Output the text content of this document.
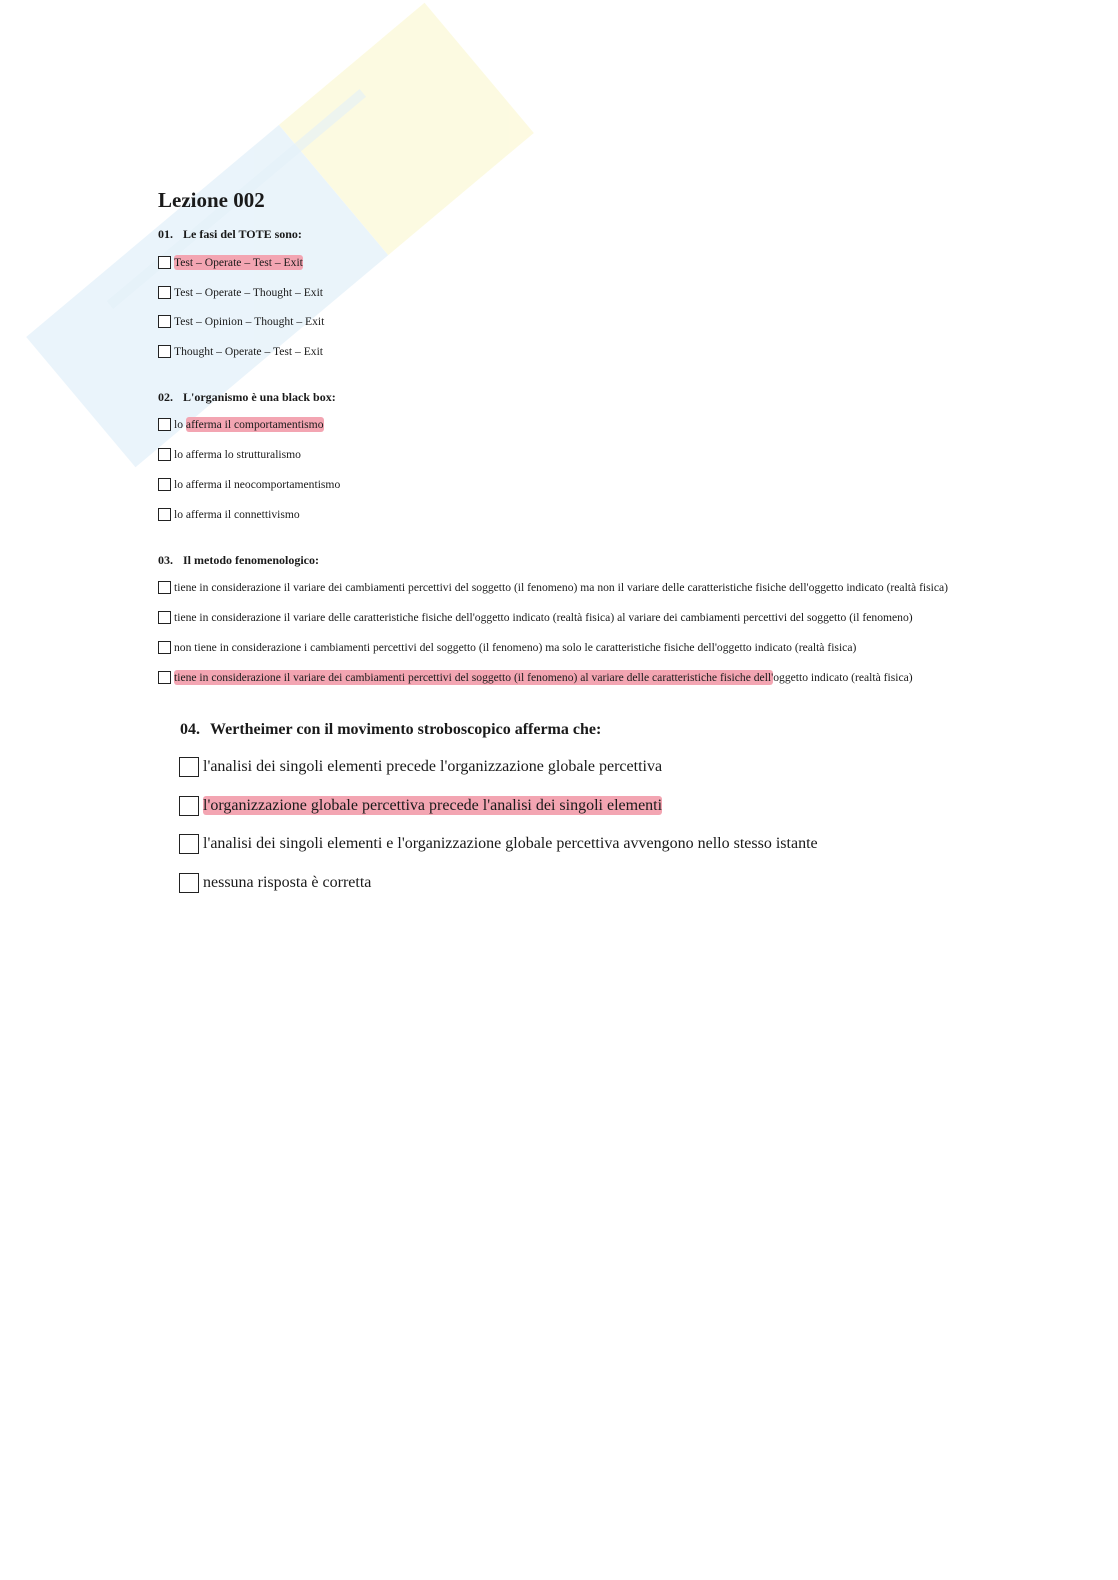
Lezione 002
01. Le fasi del TOTE sono:
Test – Operate – Test – Exit
Test – Operate – Thought – Exit
Test – Opinion – Thought – Exit
Thought – Operate – Test – Exit
02. L'organismo è una black box:
lo afferma il comportamentismo
lo afferma lo strutturalismo
lo afferma il neocomportamentismo
lo afferma il connettivismo
03. Il metodo fenomenologico:
tiene in considerazione il variare dei cambiamenti percettivi del soggetto (il fenomeno) ma non il variare delle caratteristiche fisiche dell'oggetto indicato (realtà fisica)
tiene in considerazione il variare delle caratteristiche fisiche dell'oggetto indicato (realtà fisica) al variare dei cambiamenti percettivi del soggetto (il fenomeno)
non tiene in considerazione i cambiamenti percettivi del soggetto (il fenomeno) ma solo le caratteristiche fisiche dell'oggetto indicato (realtà fisica)
tiene in considerazione il variare dei cambiamenti percettivi del soggetto (il fenomeno) al variare delle caratteristiche fisiche dell'oggetto indicato (realtà fisica)
04. Wertheimer con il movimento stroboscopico afferma che:
l'analisi dei singoli elementi precede l'organizzazione globale percettiva
l'organizzazione globale percettiva precede l'analisi dei singoli elementi
l'analisi dei singoli elementi e l'organizzazione globale percettiva avvengono nello stesso istante
nessuna risposta è corretta
